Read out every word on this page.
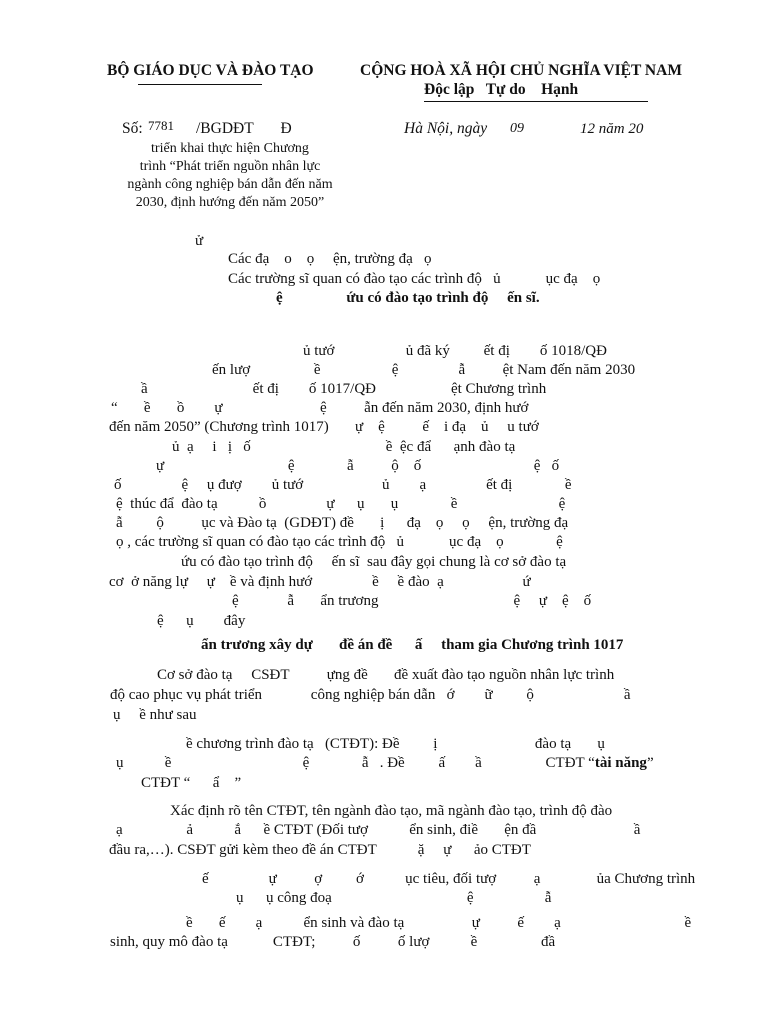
BỘ GIÁO DỤC VÀ ĐÀO TẠO	CỘNG HOÀ XÃ HỘI CHỦ NGHĨA VIỆT NAM
Độc lập   Tự do    Hạnh
Số: 7781 /BGDĐT       Đ	Hà Nội, ngày 09	12 năm 20
triển khai thực hiện Chương
trình “Phát triển nguồn nhân lực
ngành công nghiệp bán dẫn đến năm
2030, định hướng đến năm 2050”
ử
Các đạ    o    ọ     ện, trường đạ   ọ
Các trường sĩ quan có đào tạo các trình độ   ủ            ục đạ    ọ
ệ                 ứu có đào tạo trình độ     ến sĩ.
ủ tướ                   ủ đã ký         ết đị        ố 1018/QĐ
ến lượ                 ề                   ệ                ẫ          ệt Nam đến năm 2030
ầ                            ết đị        ố 1017/QĐ                    ệt Chương trình
“       ề       ồ        ự                          ệ          ẫn đến năm 2030, định hướ
đến năm 2050” (Chương trình 1017)       ự    ệ          ế    i đạ    ủ     u tướ
ủ  ạ     i   ị   ố                                    ề  ệc đẩ      ạnh đào tạ
ự                                 ệ              ẫ          ộ    ố                              ệ   ố
ố                ệ     ụ đượ        ủ tướ                     ủ        ạ                ết đị              ề
ệ  thúc đẩ  đào tạ           ồ                ự      ụ       ụ              ề                           ệ
ẫ         ộ          ục và Đào tạ  (GDĐT) đề       ị      đạ    ọ     ọ     ện, trường đạ
ọ , các trường sĩ quan có đào tạo các trình độ   ủ            ục đạ    ọ              ệ
ứu có đào tạo trình độ     ến sĩ  sau đây gọi chung là cơ sở đào tạ
cơ  ở năng lự     ự    ề và định hướ                ề     ề đào  ạ                     ứ
ệ             ẫ       ẩn trương                                    ệ     ự    ệ    ố
ệ      ụ        đây
ẩn trương xây dự       đề án đề      ấ     tham gia Chương trình 1017
Cơ sở đào tạ     CSĐT          ựng đề       đề xuất đào tạo nguồn nhân lực trình
độ cao phục vụ phát triển             công nghiệp bán dẫn   ớ        ữ         ộ                        ầ
ụ     ề như sau
ề chương trình đào tạ   (CTĐT): Đề         ị                          đào tạ       ụ
ụ           ề                                   ệ              ẫ   . Đề         ấ        ầ                 CTĐT “tài năng”
CTĐT “      ẩ    ”
Xác định rõ tên CTĐT, tên ngành đào tạo, mã ngành đào tạo, trình độ đào
ạ                 ả           ắ      ề CTĐT (Đối tượ           ển sinh, điề       ện đầ                          ầ
đầu ra,…). CSĐT gửi kèm theo đề án CTĐT           ặ     ự      ảo CTĐT
ế                ự          ợ         ớ           ục tiêu, đối tượ          ạ               ủa Chương trình
ụ      ụ công đoạ                                    ệ                   ẫ
ề       ế        ạ           ển sinh và đào tạ                  ự          ế        ạ                                 ề
sinh, quy mô đào tạ            CTĐT;          ố          ố lượ           ề                 đầ
